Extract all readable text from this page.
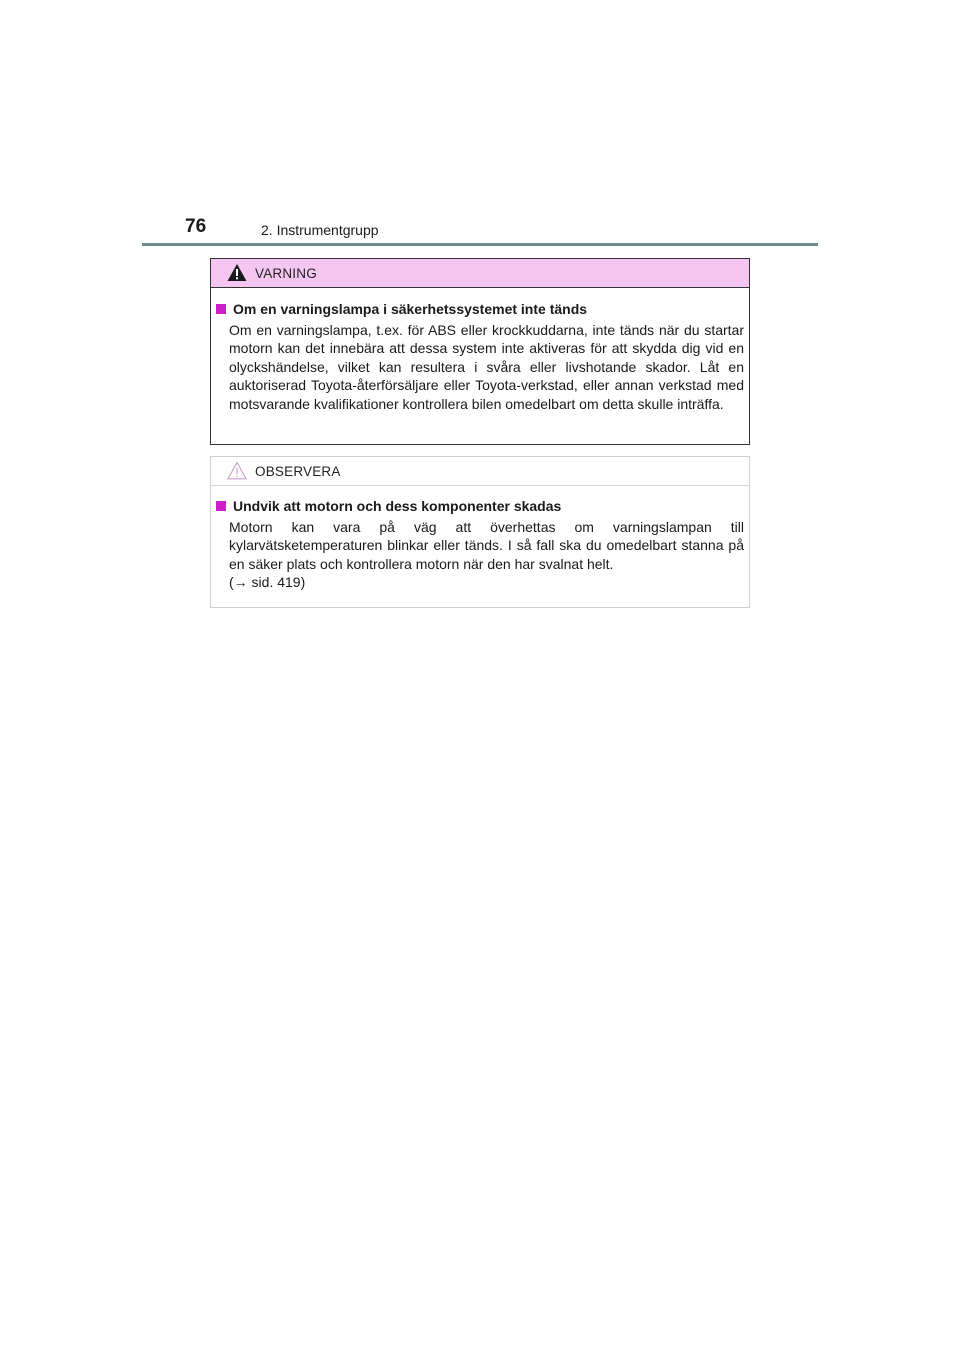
76	2. Instrumentgrupp
VARNING
Om en varningslampa i säkerhetssystemet inte tänds

Om en varningslampa, t.ex. för ABS eller krockkuddarna, inte tänds när du startar motorn kan det innebära att dessa system inte aktiveras för att skydda dig vid en olyckshändelse, vilket kan resultera i svåra eller livshotande skador. Låt en auktoriserad Toyota-återförsäljare eller Toyota-verkstad, eller annan verkstad med motsvarande kvalifikationer kontrollera bilen omedelbart om detta skulle inträffa.

OBSERVERA
Undvik att motorn och dess komponenter skadas

Motorn kan vara på väg att överhettas om varningslampan till kylarvätsketemperaturen blinkar eller tänds. I så fall ska du omedelbart stanna på en säker plats och kontrollera motorn när den har svalnat helt.

(→ sid. 419)
